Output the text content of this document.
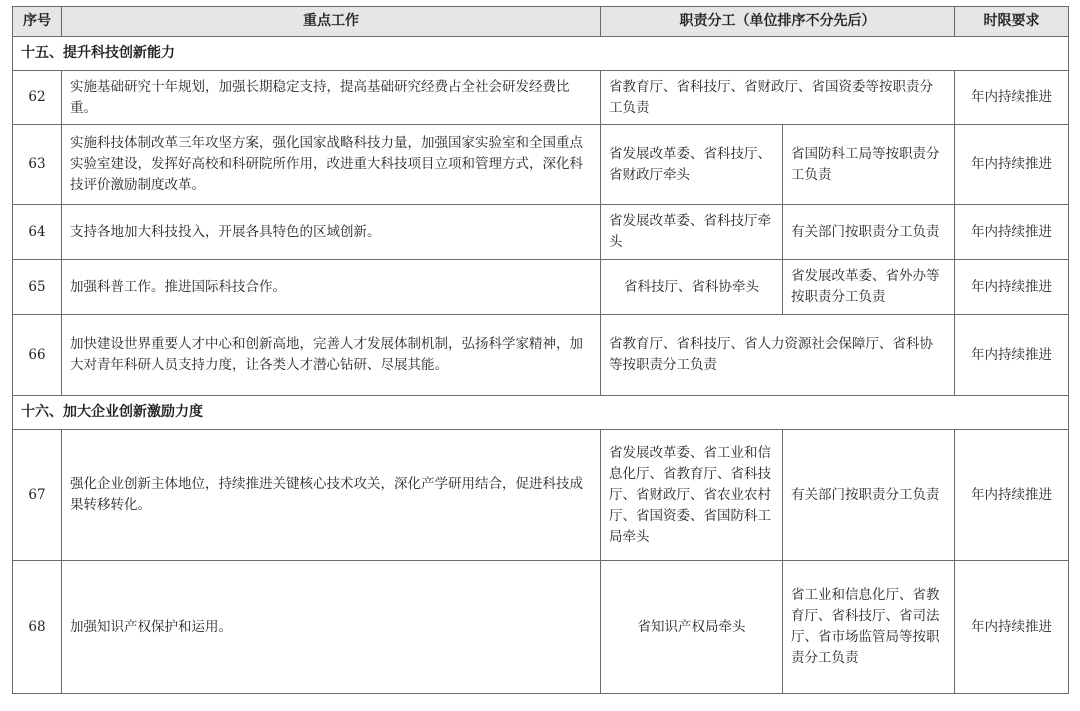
序号	重点工作	职责分工（单位排序不分先后）		时限要求
十五、提升科技创新能力				
62	实施基础研究十年规划，加强长期稳定支持，提高基础研究经费占全社会研发经费比重。	省教育厅、省科技厅、省财政厅、省国资委等按职责分工负责		年内持续推进
63	实施科技体制改革三年攻坚方案，强化国家战略科技力量，加强国家实验室和全国重点实验室建设，发挥好高校和科研院所作用，改进重大科技项目立项和管理方式，深化科技评价激励制度改革。	省发展改革委、省科技厅、省财政厅牵头	省国防科工局等按职责分工负责	年内持续推进
64	支持各地加大科技投入，开展各具特色的区域创新。	省发展改革委、省科技厅牵头	有关部门按职责分工负责	年内持续推进
65	加强科普工作。推进国际科技合作。	省科技厅、省科协牵头	省发展改革委、省外办等按职责分工负责	年内持续推进
66	加快建设世界重要人才中心和创新高地，完善人才发展体制机制，弘扬科学家精神，加大对青年科研人员支持力度，让各类人才潜心钻研、尽展其能。	省教育厅、省科技厅、省人力资源社会保障厅、省科协等按职责分工负责		年内持续推进
十六、加大企业创新激励力度				
67	强化企业创新主体地位，持续推进关键核心技术攻关，深化产学研用结合，促进科技成果转移转化。	省发展改革委、省工业和信息化厅、省教育厅、省科技厅、省财政厅、省农业农村厅、省国资委、省国防科工局牵头	有关部门按职责分工负责	年内持续推进
68	加强知识产权保护和运用。	省知识产权局牵头	省工业和信息化厅、省教育厅、省科技厅、省司法厅、省市场监管局等按职责分工负责	年内持续推进
